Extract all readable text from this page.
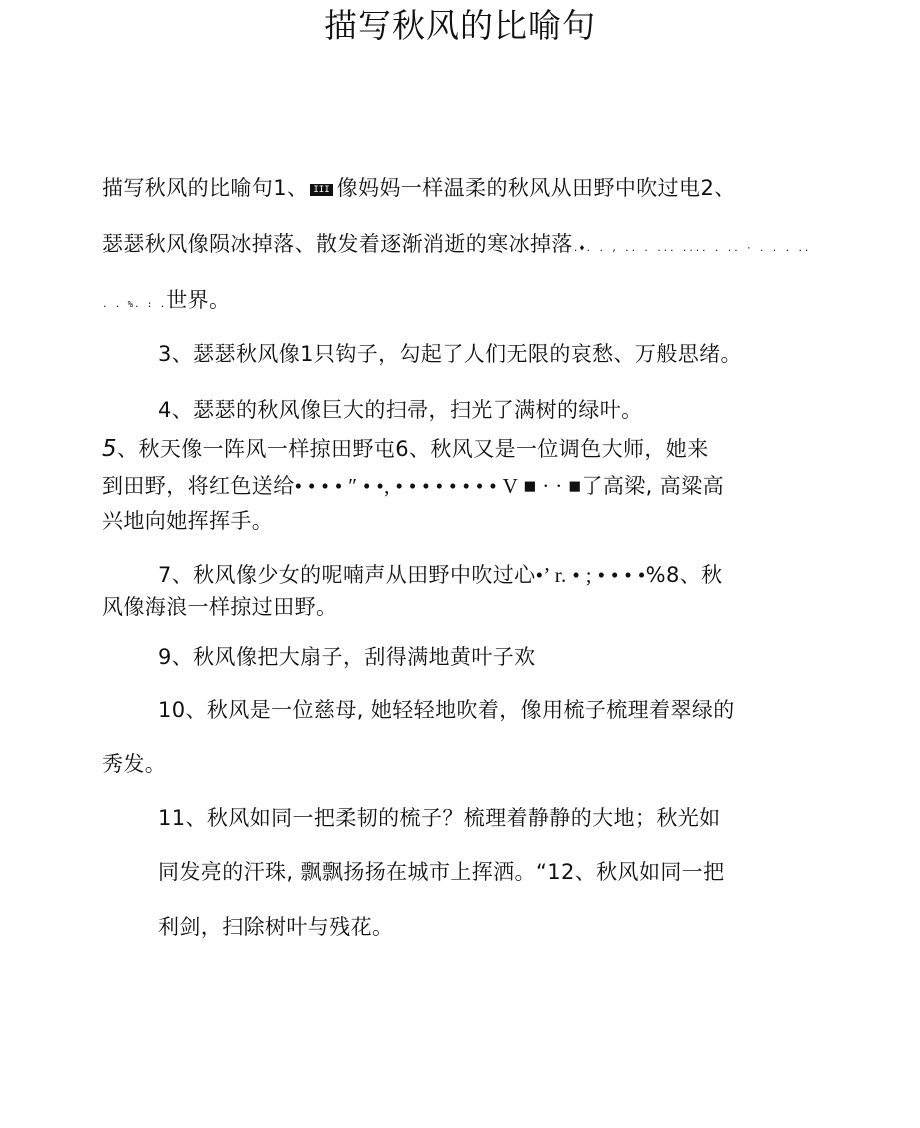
描写秋风的比喻句
描写秋风的比喻句1、 III 像妈妈一样温柔的秋风从田野中吹过电2、
瑟瑟秋风像陨冰掉落、散发着逐渐消逝的寒冰掉落.♦. . , .. . ... .... . .. · . . . ..
. . %. : .世界。
3、瑟瑟秋风像1只钩子，勾起了人们无限的哀愁、万般思绪。
4、瑟瑟的秋风像巨大的扫帚，扫光了满树的绿叶。
5、秋天像一阵风一样掠田野屯6、秋风又是一位调色大师，她来
到田野，将红色送给• • • • ″ • •, • • • • • • • • V ■ · · ■了高梁, 高粱高
兴地向她挥挥手。
7、秋风像少女的呢喃声从田野中吹过心•’ r. • ; • • • •%8、秋
风像海浪一样掠过田野。
9、秋风像把大扇子，刮得满地黄叶子欢
10、秋风是一位慈母, 她轻轻地吹着，像用梳子梳理着翠绿的
秀发。
11、秋风如同一把柔韧的梳子？梳理着静静的大地；秋光如
同发亮的汗珠, 飘飘扬扬在城市上挥洒。“12、秋风如同一把
利剑，扫除树叶与残花。
